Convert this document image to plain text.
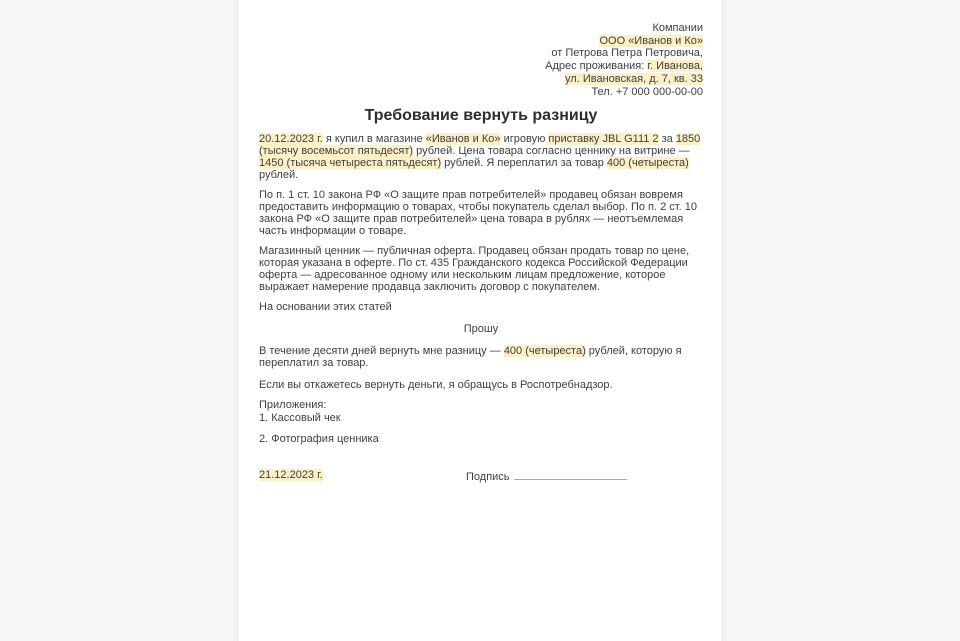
Компании
ООО «Иванов и Ко»
от Петрова Петра Петровича,
Адрес проживания: г. Иванова,
ул. Ивановская, д. 7, кв. 33
Тел. +7 000 000-00-00
Требование вернуть разницу
20.12.2023 г. я купил в магазине «Иванов и Ко» игровую приставку JBL G111 2 за 1850 (тысячу восемьсот пятьдесят) рублей. Цена товара согласно ценнику на витрине — 1450 (тысяча четыреста пятьдесят) рублей. Я переплатил за товар 400 (четыреста) рублей.
По п. 1 ст. 10 закона РФ «О защите прав потребителей» продавец обязан вовремя предоставить информацию о товарах, чтобы покупатель сделал выбор. По п. 2 ст. 10 закона РФ «О защите прав потребителей» цена товара в рублях — неотъемлемая часть информации о товаре.
Магазинный ценник — публичная оферта. Продавец обязан продать товар по цене, которая указана в оферте. По ст. 435 Гражданского кодекса Российской Федерации оферта — адресованное одному или нескольким лицам предложение, которое выражает намерение продавца заключить договор с покупателем.
На основании этих статей
Прошу
В течение десяти дней вернуть мне разницу — 400 (четыреста) рублей, которую я переплатил за товар.
Если вы откажетесь вернуть деньги, я обращусь в Роспотребнадзор.
Приложения:
1. Кассовый чек
2. Фотография ценника
21.12.2023 г.	Подпись
